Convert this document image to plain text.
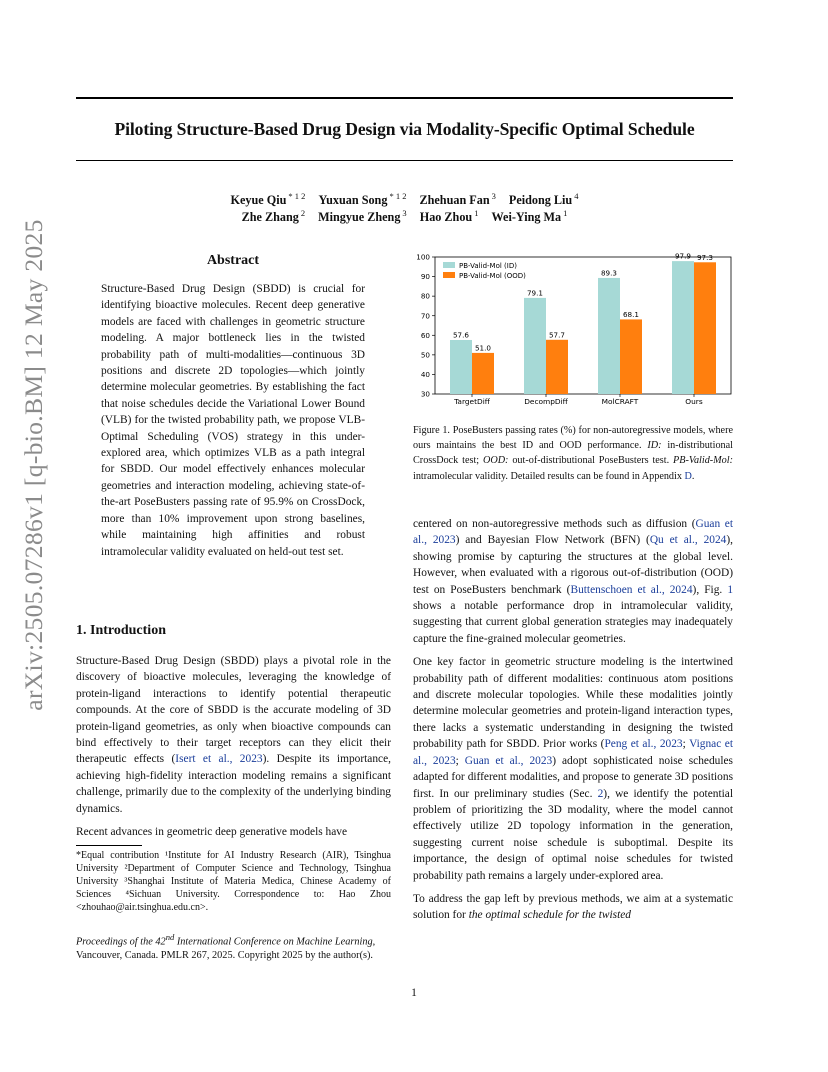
Piloting Structure-Based Drug Design via Modality-Specific Optimal Schedule
Keyue Qiu $^{* 1 2}$ Yuxuan Song $^{* 1 2}$ Zhehuan Fan $^3$ Peidong Liu $^4$
Zhe Zhang $^2$ Mingyue Zheng $^3$ Hao Zhou $^1$ Wei-Ying Ma $^1$
arXiv:2505.07286v1 [q-bio.BM] 12 May 2025	Abstract

Structure-Based Drug Design (SBDD) is crucial for identifying bioactive molecules. Recent deep generative models are faced with challenges in geometric structure modeling. A major bottleneck lies in the twisted probability path of multi-modalities—continuous 3D positions and discrete 2D topologies—which jointly determine molecular geometries. By establishing the fact that noise schedules decide the Variational Lower Bound (VLB) for the twisted probability path, we propose VLB-Optimal Scheduling (VOS) strategy in this under-explored area, which optimizes VLB as a path integral for SBDD. Our model effectively enhances molecular geometries and interaction modeling, achieving state-of-the-art PoseBusters passing rate of 95.9% on CrossDock, more than 10% improvement upon strong baselines, while maintaining high affinities and robust intramolecular validity evaluated on held-out test set.

1. Introduction

Structure-Based Drug Design (SBDD) plays a pivotal role in the discovery of bioactive molecules, leveraging the knowledge of protein-ligand interactions to identify potential therapeutic compounds. At the core of SBDD is the accurate modeling of 3D protein-ligand geometries, as only when bioactive compounds can bind effectively to their target receptors can they elicit their therapeutic effects (Isert et al., 2023). Despite its importance, achieving high-fidelity interaction modeling remains a significant challenge, primarily due to the complexity of the underlying binding dynamics.

Recent advances in geometric deep generative models have

*Equal contribution ¹Institute for AI Industry Research (AIR), Tsinghua University ²Department of Computer Science and Technology, Tsinghua University ³Shanghai Institute of Materia Medica, Chinese Academy of Sciences ⁴Sichuan University. Correspondence to: Hao Zhou <zhouhao@air.tsinghua.edu.cn>.
Proceedings of the 42nd International Conference on Machine Learning, Vancouver, Canada. PMLR 267, 2025. Copyright 2025 by the author(s).
30
40
50
60
70
80
90
100
57.6
51.0
TargetDiff
79.1
57.7
DecompDiff
89.3
68.1
MolCRAFT
97.9 97.3
Ours
PB-Valid-Mol (ID)
PB-Valid-Mol (OOD)
Figure 1. PoseBusters passing rates (%) for non-autoregressive models, where ours maintains the best ID and OOD performance. ID: in-distributional CrossDock test; OOD: out-of-distributional PoseBusters test. PB-Valid-Mol: intramolecular validity. Detailed results can be found in Appendix D.

centered on non-autoregressive methods such as diffusion (Guan et al., 2023) and Bayesian Flow Network (BFN) (Qu et al., 2024), showing promise by capturing the structures at the global level. However, when evaluated with a rigorous out-of-distribution (OOD) test on PoseBusters benchmark (Buttenschoen et al., 2024), Fig. 1 shows a notable performance drop in intramolecular validity, suggesting that current global generation strategies may inadequately capture the fine-grained molecular geometries.

One key factor in geometric structure modeling is the intertwined probability path of different modalities: continuous atom positions and discrete molecular topologies. While these modalities jointly determine molecular geometries and protein-ligand interaction types, there lacks a systematic understanding in designing the twisted probability path for SBDD. Prior works (Peng et al., 2023; Vignac et al., 2023; Guan et al., 2023) adopt sophisticated noise schedules adapted for different modalities, and propose to generate 3D positions first. In our preliminary studies (Sec. 2), we identify the potential problem of prioritizing the 3D modality, where the model cannot effectively utilize 2D topology information in the generation, suggesting current noise schedule is suboptimal. Despite its importance, the design of optimal noise schedules for twisted probability path remains a largely under-explored area.

To address the gap left by previous methods, we aim at a systematic solution for the optimal schedule for the twisted

1
